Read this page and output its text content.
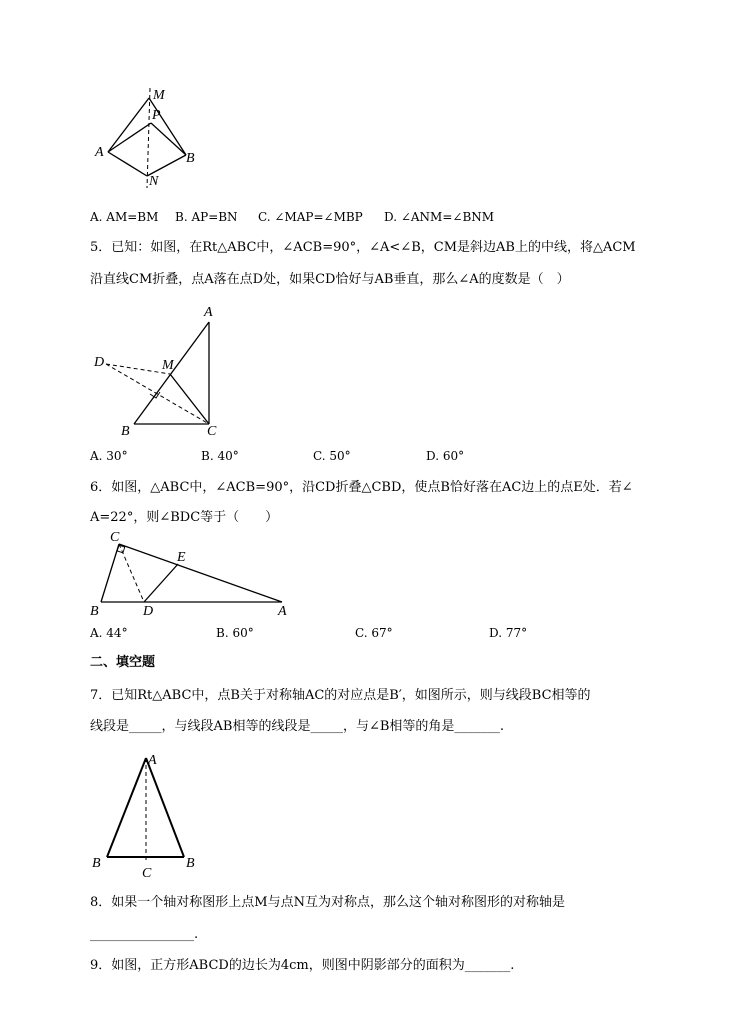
M
P
A	B
N
A. AM=BM B. AP=BN C. ∠MAP=∠MBP D. ∠ANM=∠BNM
5．已知：如图，在Rt△ABC中，∠ACB=90°，∠A<∠B，CM是斜边AB上的中线，将△ACM
沿直线CM折叠，点A落在点D处，如果CD恰好与AB垂直，那么∠A的度数是（　）
A
D	M
B	C
A. 30°	B. 40°	C. 50°	D. 60°
6．如图，△ABC中，∠ACB=90°，沿CD折叠△CBD，使点B恰好落在AC边上的点E处．若∠
A=22°，则∠BDC等于（　　）
C
E
B	D	A
A. 44°	B. 60°	C. 67°	D. 77°
二、填空题
7．已知Rt△ABC中，点B关于对称轴AC的对应点是B′，如图所示，则与线段BC相等的
线段是_____，与线段AB相等的线段是_____，与∠B相等的角是_______.
A
B
C
B
8．如果一个轴对称图形上点M与点N互为对称点，那么这个轴对称图形的对称轴是
________________.
9．如图，正方形ABCD的边长为4cm，则图中阴影部分的面积为_______.
